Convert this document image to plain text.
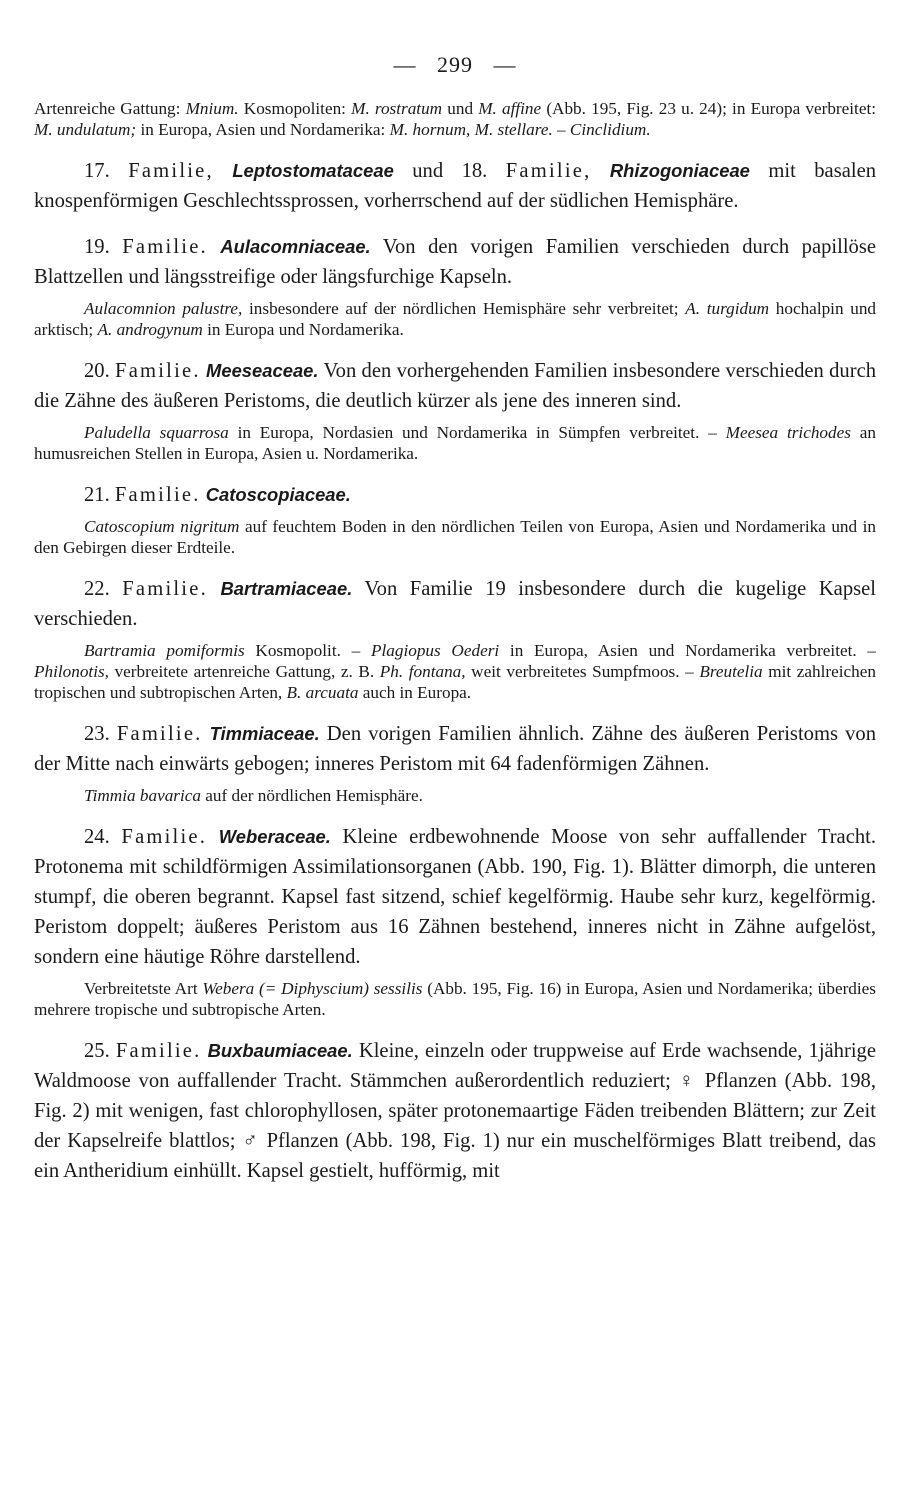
— 299 —

Artenreiche Gattung: Mnium. Kosmopoliten: M. rostratum und M. affine (Abb. 195, Fig. 23 u. 24); in Europa verbreitet: M. undulatum; in Europa, Asien und Nordamerika: M. hornum, M. stellare. – Cinclidium.

17. Familie, Leptostomataceae und 18. Familie, Rhizogoniaceae mit basalen knospenförmigen Geschlechtssprossen, vorherrschend auf der südlichen Hemisphäre.

19. Familie. Aulacomniaceae. Von den vorigen Familien verschieden durch papillöse Blattzellen und längsstreifige oder längsfurchige Kapseln.

Aulacomnion palustre, insbesondere auf der nördlichen Hemisphäre sehr verbreitet; A. turgidum hochalpin und arktisch; A. androgynum in Europa und Nordamerika.

20. Familie. Meeseaceae. Von den vorhergehenden Familien insbesondere verschieden durch die Zähne des äußeren Peristoms, die deutlich kürzer als jene des inneren sind.

Paludella squarrosa in Europa, Nordasien und Nordamerika in Sümpfen verbreitet. – Meesea trichodes an humusreichen Stellen in Europa, Asien u. Nordamerika.

21. Familie. Catoscopiaceae.

Catoscopium nigritum auf feuchtem Boden in den nördlichen Teilen von Europa, Asien und Nordamerika und in den Gebirgen dieser Erdteile.

22. Familie. Bartramiaceae. Von Familie 19 insbesondere durch die kugelige Kapsel verschieden.

Bartramia pomiformis Kosmopolit. – Plagiopus Oederi in Europa, Asien und Nordamerika verbreitet. – Philonotis, verbreitete artenreiche Gattung, z. B. Ph. fontana, weit verbreitetes Sumpfmoos. – Breutelia mit zahlreichen tropischen und subtropischen Arten, B. arcuata auch in Europa.

23. Familie. Timmiaceae. Den vorigen Familien ähnlich. Zähne des äußeren Peristoms von der Mitte nach einwärts gebogen; inneres Peristom mit 64 fadenförmigen Zähnen.

Timmia bavarica auf der nördlichen Hemisphäre.

24. Familie. Weberaceae. Kleine erdbewohnende Moose von sehr auffallender Tracht. Protonema mit schildförmigen Assimilationsorganen (Abb. 190, Fig. 1). Blätter dimorph, die unteren stumpf, die oberen begrannt. Kapsel fast sitzend, schief kegelförmig. Haube sehr kurz, kegelförmig. Peristom doppelt; äußeres Peristom aus 16 Zähnen bestehend, inneres nicht in Zähne aufgelöst, sondern eine häutige Röhre darstellend.

Verbreitetste Art Webera (= Diphyscium) sessilis (Abb. 195, Fig. 16) in Europa, Asien und Nordamerika; überdies mehrere tropische und subtropische Arten.

25. Familie. Buxbaumiaceae. Kleine, einzeln oder truppweise auf Erde wachsende, 1jährige Waldmoose von auffallender Tracht. Stämmchen außerordentlich reduziert; ♀ Pflanzen (Abb. 198, Fig. 2) mit wenigen, fast chlorophyllosen, später protonemaartige Fäden treibenden Blättern; zur Zeit der Kapselreife blattlos; ♂ Pflanzen (Abb. 198, Fig. 1) nur ein muschelförmiges Blatt treibend, das ein Antheridium einhüllt. Kapsel gestielt, hufförmig, mit
